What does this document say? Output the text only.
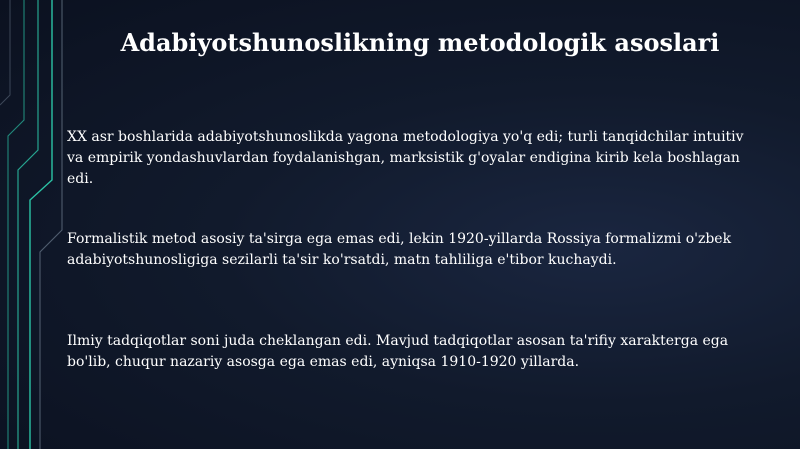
Adabiyotshunoslikning metodologik asoslari
XX asr boshlarida adabiyotshunoslikda yagona metodologiya yo'q edi; turli tanqidchilar intuitiv va empirik yondashuvlardan foydalanishgan, marksistik g'oyalar endigina kirib kela boshlagan edi.
Formalistik metod asosiy ta'sirga ega emas edi, lekin 1920-yillarda Rossiya formalizmi o'zbek adabiyotshunosligiga sezilarli ta'sir ko'rsatdi, matn tahliliga e'tibor kuchaydi.
Ilmiy tadqiqotlar soni juda cheklangan edi. Mavjud tadqiqotlar asosan ta'rifiy xarakterga ega bo'lib, chuqur nazariy asosga ega emas edi, ayniqsa 1910-1920 yillarda.
